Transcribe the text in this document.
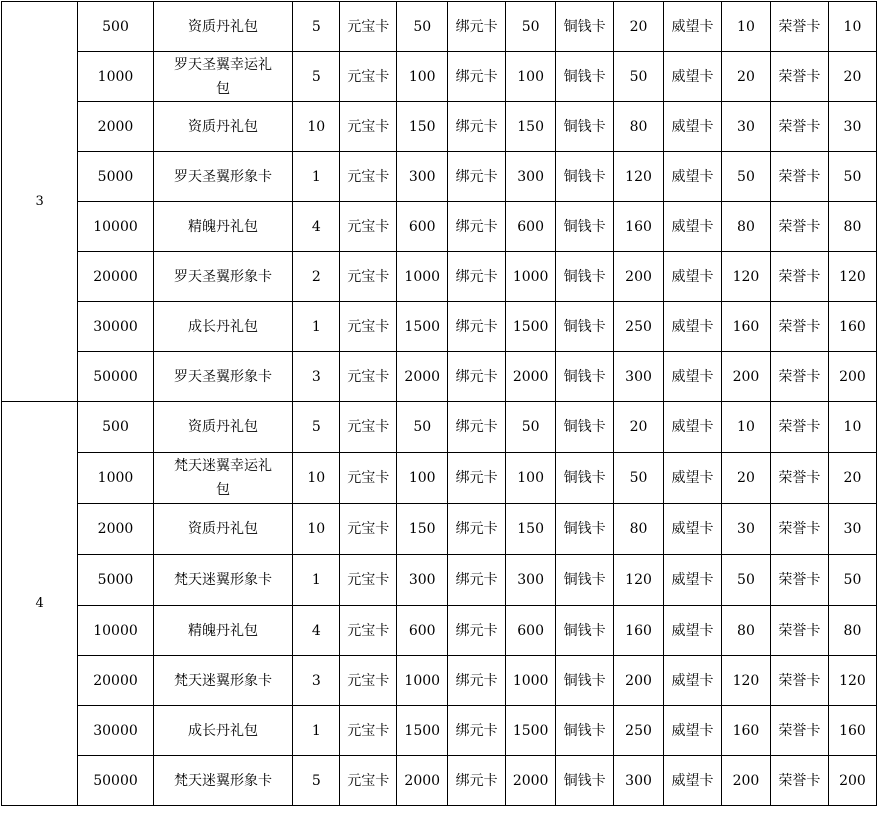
3	500	资质丹礼包	5	元宝卡	50	绑元卡	50	铜钱卡	20	威望卡	10	荣誉卡	10
	1000	罗天圣翼幸运礼包	5	元宝卡	100	绑元卡	100	铜钱卡	50	威望卡	20	荣誉卡	20
	2000	资质丹礼包	10	元宝卡	150	绑元卡	150	铜钱卡	80	威望卡	30	荣誉卡	30
	5000	罗天圣翼形象卡	1	元宝卡	300	绑元卡	300	铜钱卡	120	威望卡	50	荣誉卡	50
	10000	精魄丹礼包	4	元宝卡	600	绑元卡	600	铜钱卡	160	威望卡	80	荣誉卡	80
	20000	罗天圣翼形象卡	2	元宝卡	1000	绑元卡	1000	铜钱卡	200	威望卡	120	荣誉卡	120
	30000	成长丹礼包	1	元宝卡	1500	绑元卡	1500	铜钱卡	250	威望卡	160	荣誉卡	160
	50000	罗天圣翼形象卡	3	元宝卡	2000	绑元卡	2000	铜钱卡	300	威望卡	200	荣誉卡	200
4	500	资质丹礼包	5	元宝卡	50	绑元卡	50	铜钱卡	20	威望卡	10	荣誉卡	10
	1000	梵天迷翼幸运礼包	10	元宝卡	100	绑元卡	100	铜钱卡	50	威望卡	20	荣誉卡	20
	2000	资质丹礼包	10	元宝卡	150	绑元卡	150	铜钱卡	80	威望卡	30	荣誉卡	30
	5000	梵天迷翼形象卡	1	元宝卡	300	绑元卡	300	铜钱卡	120	威望卡	50	荣誉卡	50
	10000	精魄丹礼包	4	元宝卡	600	绑元卡	600	铜钱卡	160	威望卡	80	荣誉卡	80
	20000	梵天迷翼形象卡	3	元宝卡	1000	绑元卡	1000	铜钱卡	200	威望卡	120	荣誉卡	120
	30000	成长丹礼包	1	元宝卡	1500	绑元卡	1500	铜钱卡	250	威望卡	160	荣誉卡	160
	50000	梵天迷翼形象卡	5	元宝卡	2000	绑元卡	2000	铜钱卡	300	威望卡	200	荣誉卡	200
